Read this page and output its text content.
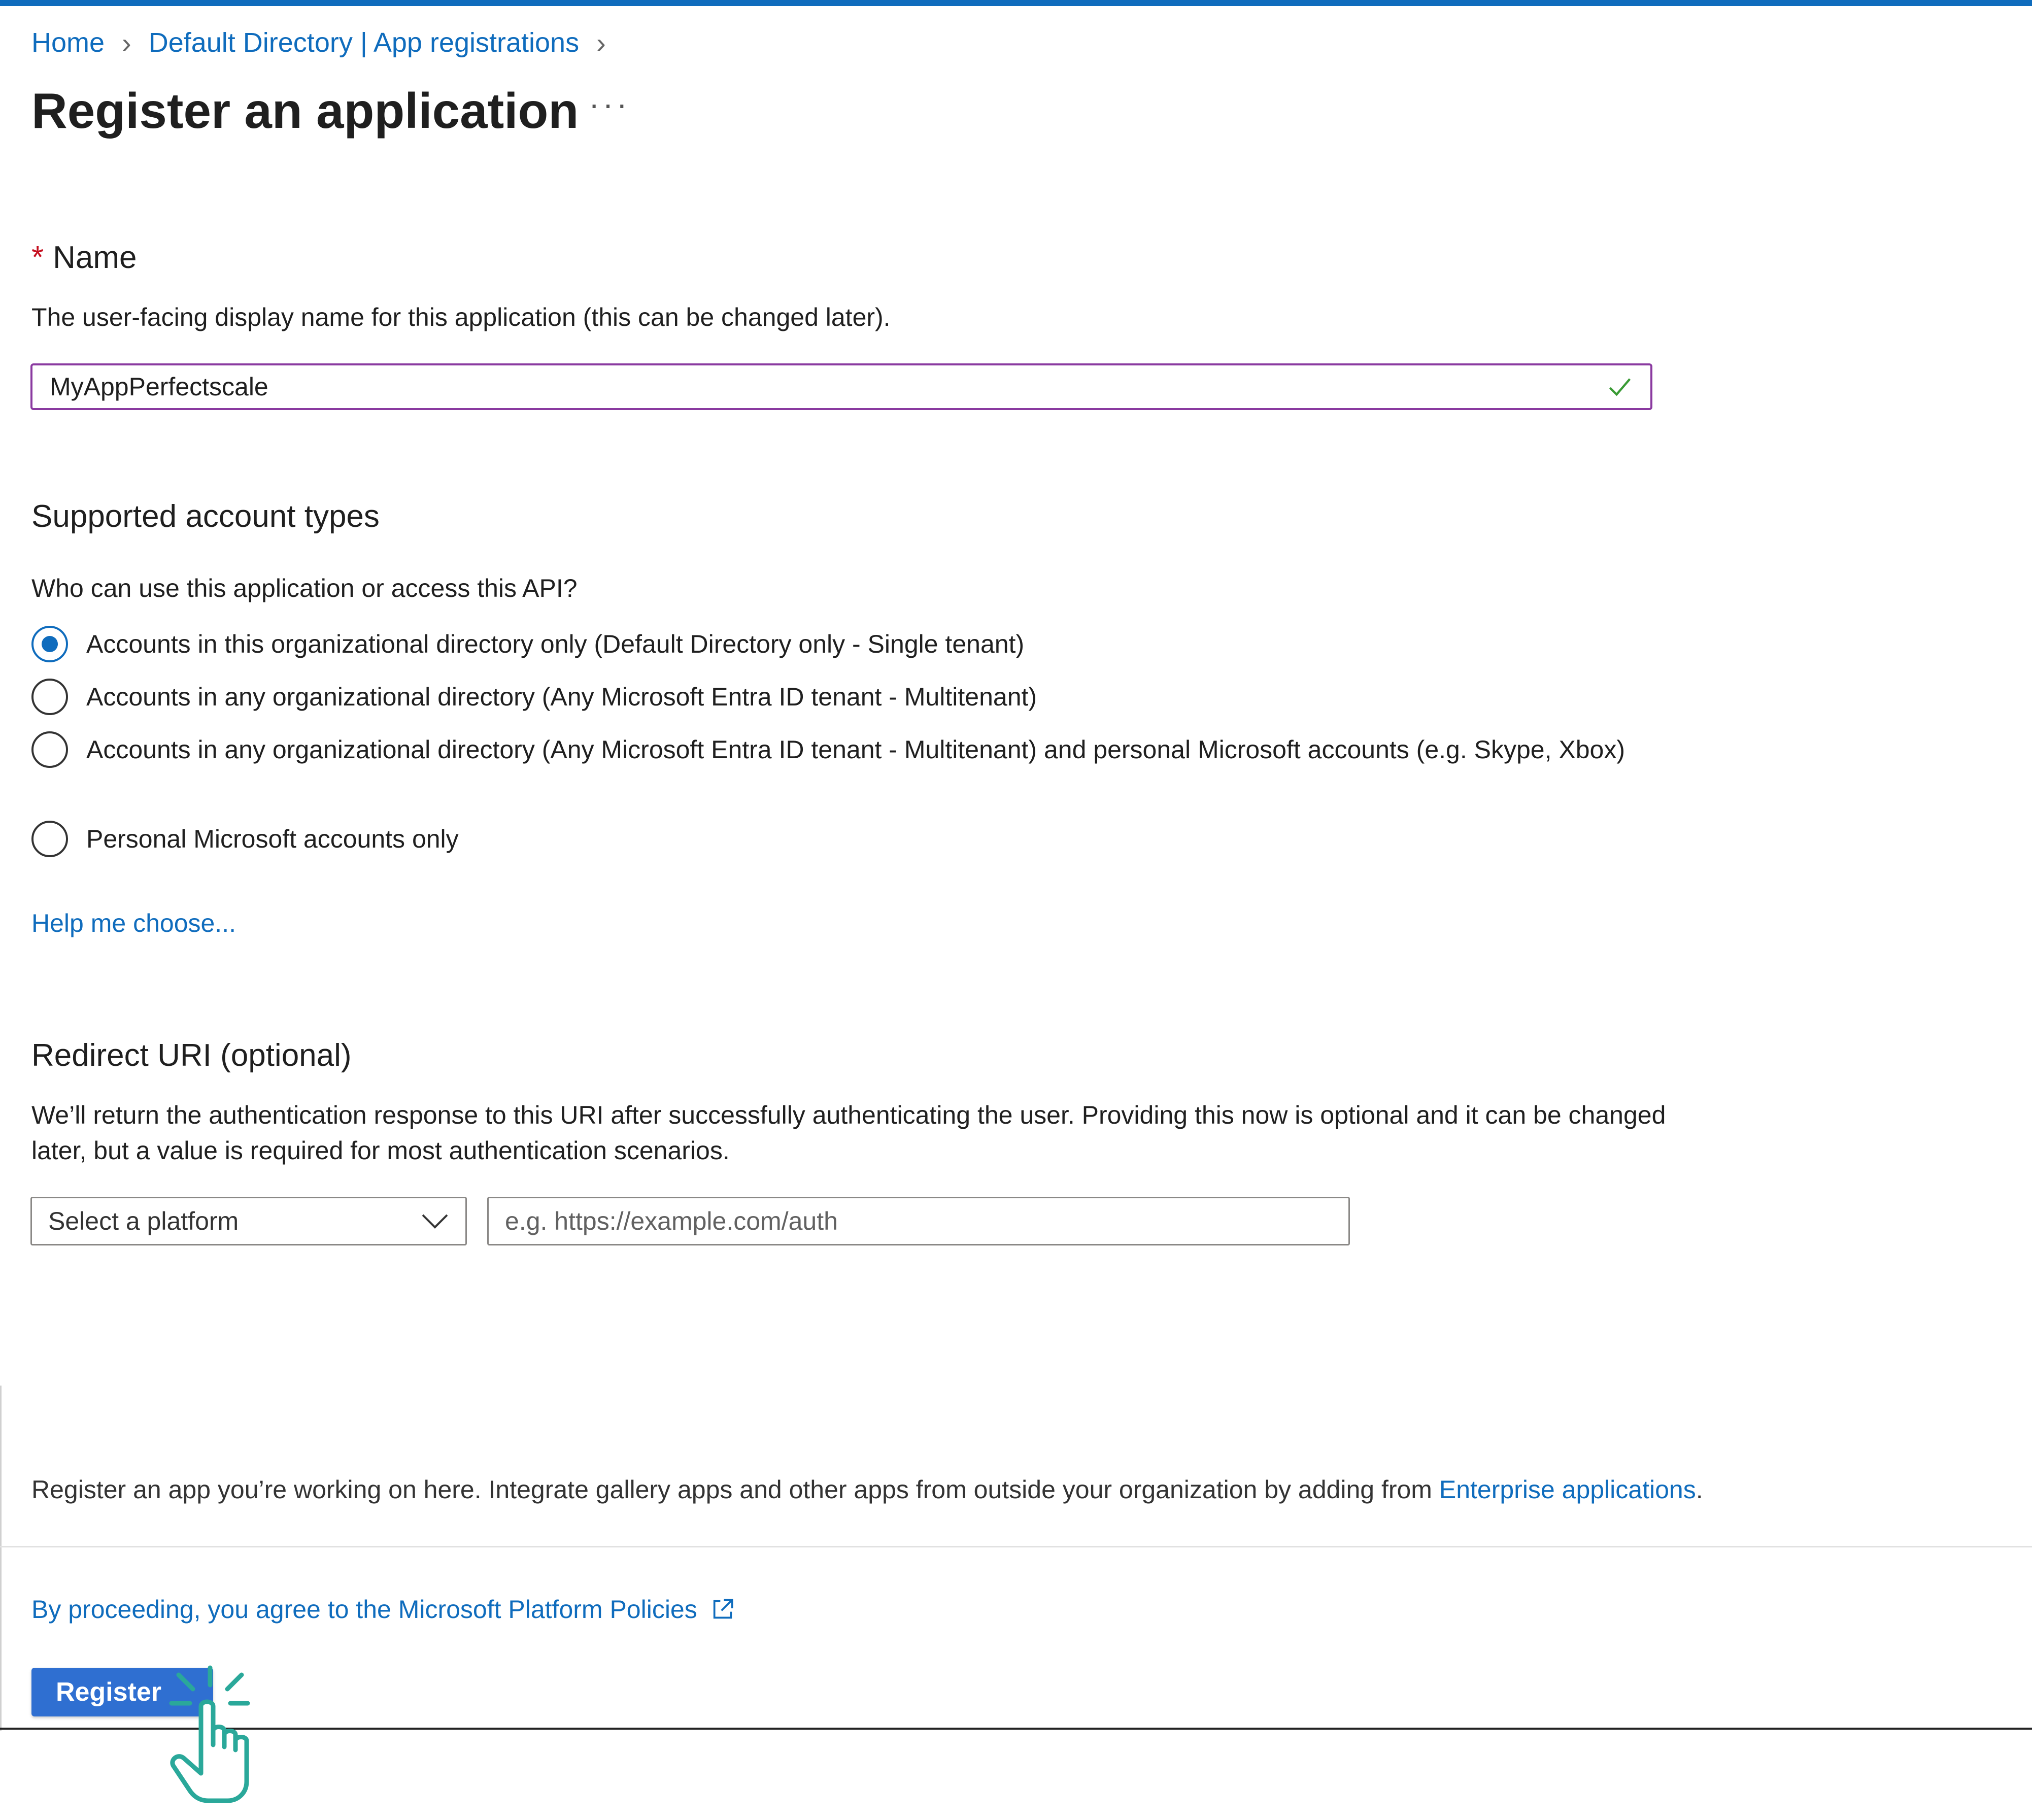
Home › Default Directory | App registrations ›
Register an application ···
* Name
The user-facing display name for this application (this can be changed later).
MyAppPerfectscale
Supported account types
Who can use this application or access this API?
Accounts in this organizational directory only (Default Directory only - Single tenant)
Accounts in any organizational directory (Any Microsoft Entra ID tenant - Multitenant)
Accounts in any organizational directory (Any Microsoft Entra ID tenant - Multitenant) and personal Microsoft accounts (e.g. Skype, Xbox)
Personal Microsoft accounts only
Help me choose...
Redirect URI (optional)
We’ll return the authentication response to this URI after successfully authenticating the user. Providing this now is optional and it can be changed later, but a value is required for most authentication scenarios.
Select a platform
e.g. https://example.com/auth
Register an app you’re working on here. Integrate gallery apps and other apps from outside your organization by adding from Enterprise applications.
By proceeding, you agree to the Microsoft Platform Policies
Register
